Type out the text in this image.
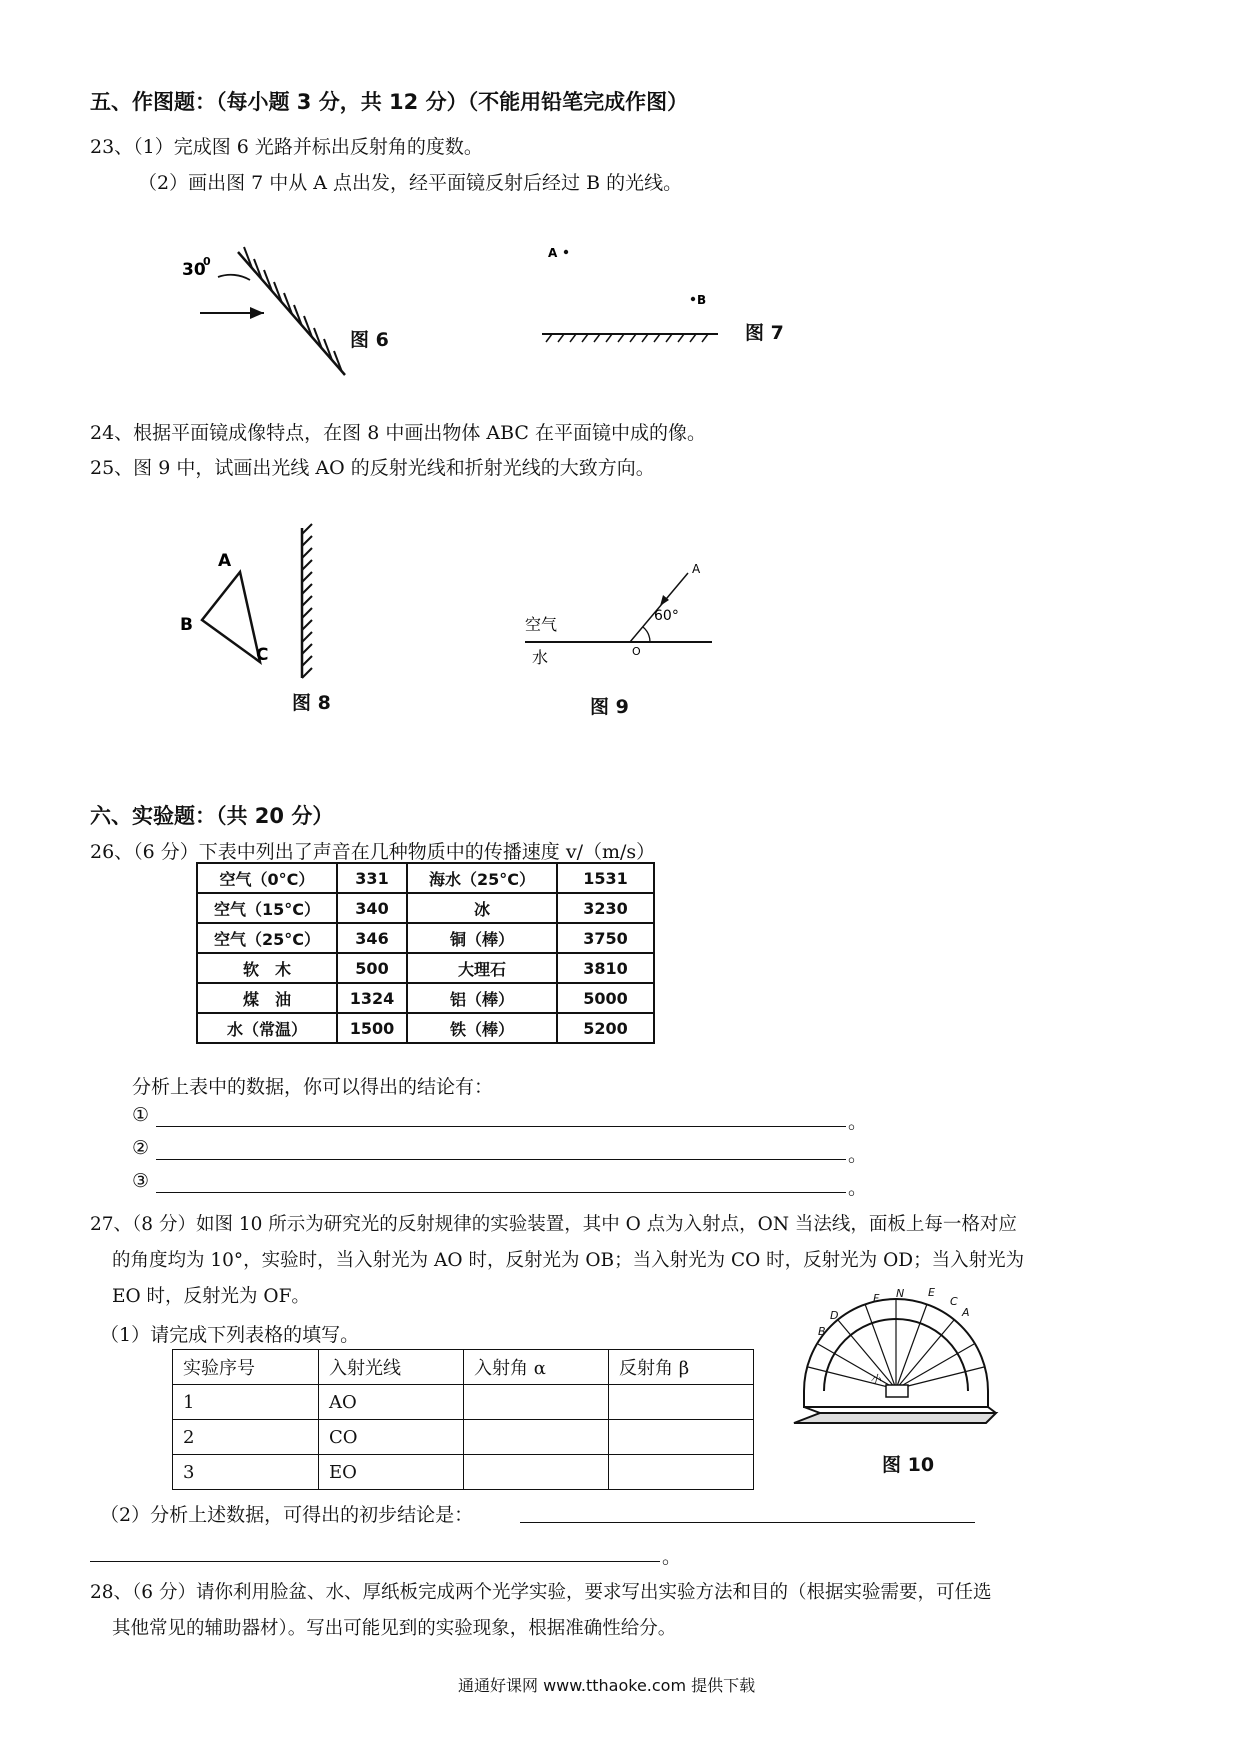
五、作图题：（每小题 3 分，共 12 分）（不能用铅笔完成作图）
23、（1）完成图 6 光路并标出反射角的度数。
（2）画出图 7 中从 A 点出发，经平面镜反射后经过 B 的光线。
30
0
图 6
A
B
图 7
24、根据平面镜成像特点，在图 8 中画出物体 ABC 在平面镜中成的像。
25、图 9 中，试画出光线 AO 的反射光线和折射光线的大致方向。
A
B
C
图 8
空气
水
A
O
60°
图 9
六、实验题：（共 20 分）
26、（6 分）下表中列出了声音在几种物质中的传播速度 v/（m/s）
空气（0°C）	331	海水（25°C）	1531
空气（15°C）	340	冰	3230
空气（25°C）	346	铜（棒）	3750
软　木	500	大理石	3810
煤　油	1324	铝（棒）	5000
水（常温）	1500	铁（棒）	5200
分析上表中的数据，你可以得出的结论有：
①	。
②	。
③	。
27、（8 分）如图 10 所示为研究光的反射规律的实验装置，其中 O 点为入射点，ON 当法线，面板上每一格对应
的角度均为 10°，实验时，当入射光为 AO 时，反射光为 OB；当入射光为 CO 时，反射光为 OD；当入射光为
EO 时，反射光为 OF。
（1）请完成下列表格的填写。
实验序号	入射光线	入射角 α	反射角 β
1	AO		
2	CO		
3	EO		
F N E
C
A
D
B
小
图 10
（2）分析上述数据，可得出的初步结论是：
。
28、（6 分）请你利用脸盆、水、厚纸板完成两个光学实验，要求写出实验方法和目的（根据实验需要，可任选
其他常见的辅助器材）。写出可能见到的实验现象，根据准确性给分。
通通好课网 www.tthaoke.com 提供下载
